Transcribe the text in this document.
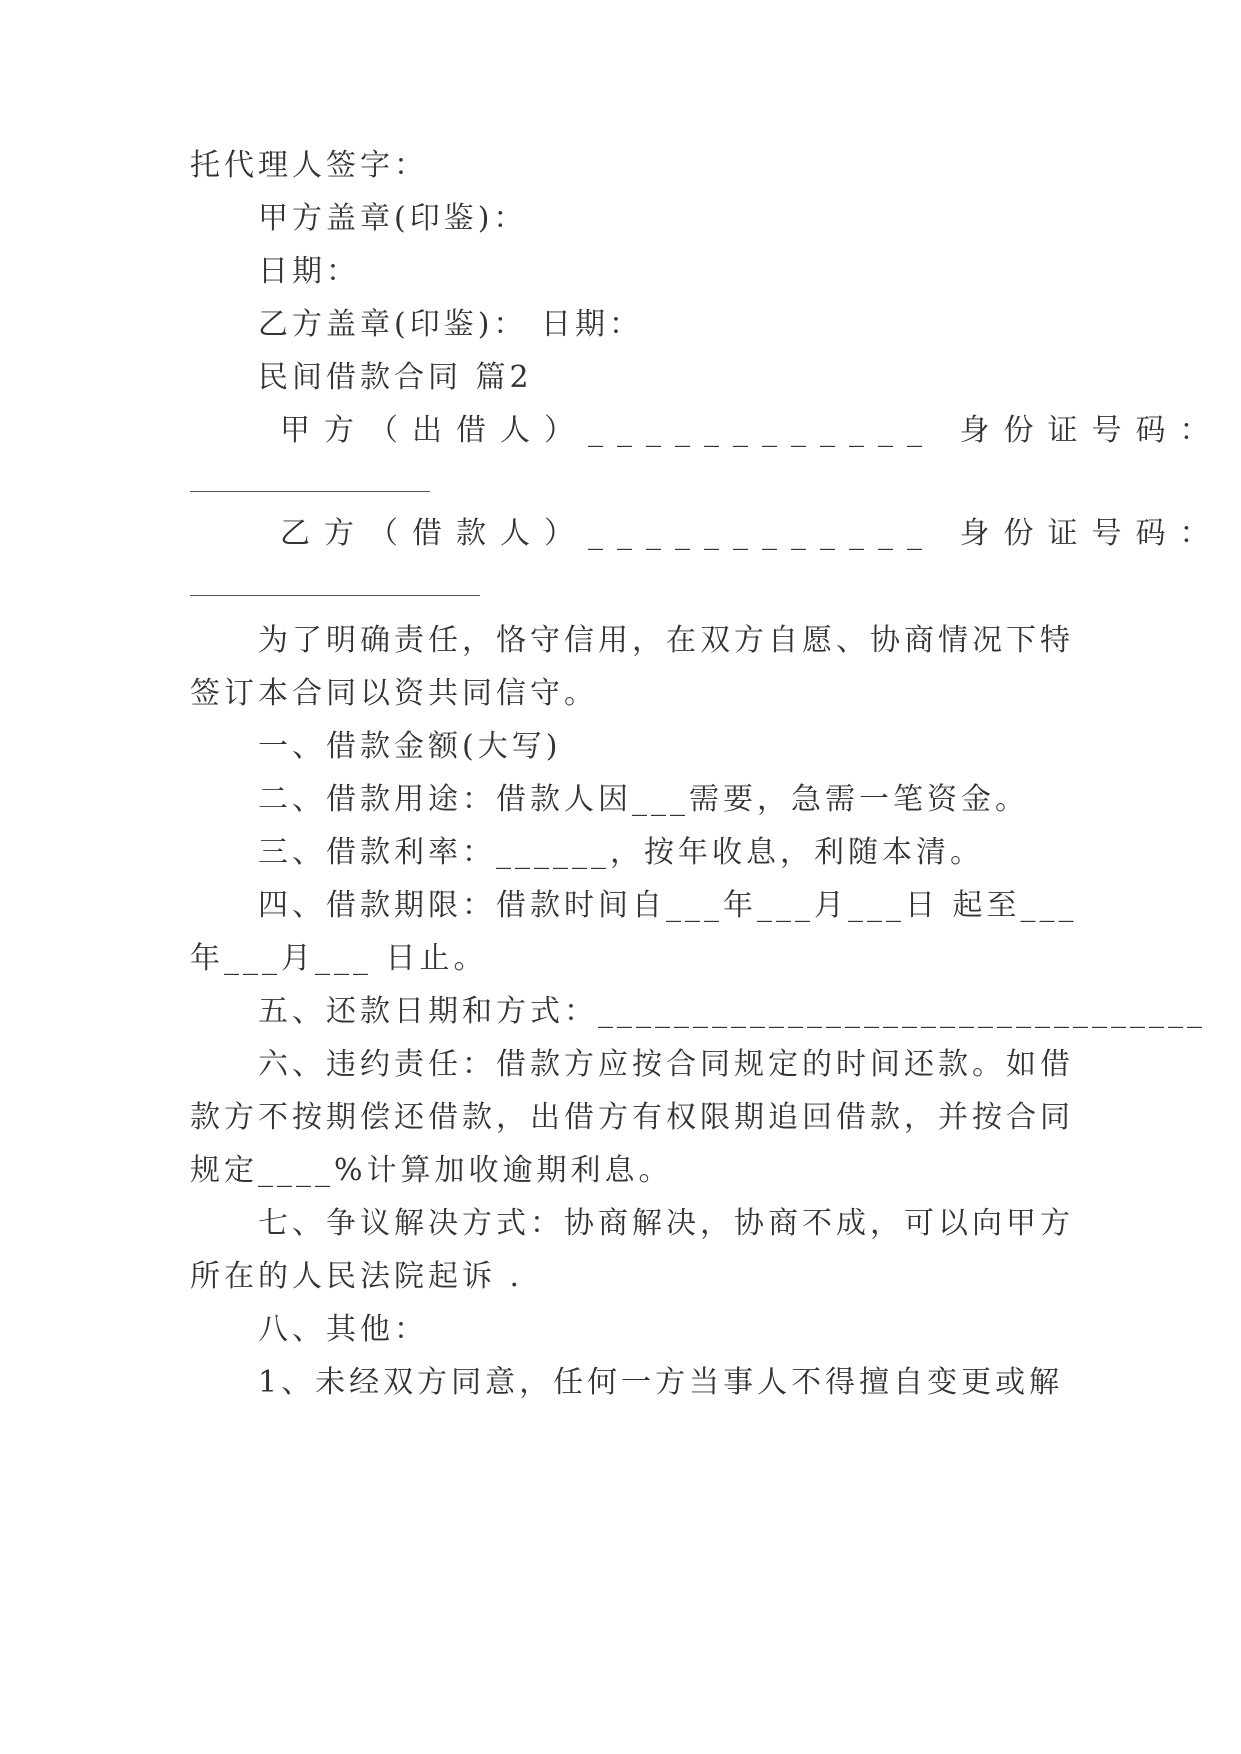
托代理人签字：
甲方盖章(印鉴)：
日期：
乙方盖章(印鉴)： 日期：
民间借款合同 篇2
甲方（出借人）____________ 身份证号码：
乙方（借款人）____________ 身份证号码：
为了明确责任，恪守信用，在双方自愿、协商情况下特
签订本合同以资共同信守。
一、借款金额(大写)
二、借款用途：借款人因___需要，急需一笔资金。
三、借款利率：______，按年收息，利随本清。
四、借款期限：借款时间自___年___月___日 起至___
年___月___ 日止。
五、还款日期和方式：________________________________
六、违约责任：借款方应按合同规定的时间还款。如借
款方不按期偿还借款，出借方有权限期追回借款，并按合同
规定____%计算加收逾期利息。
七、争议解决方式：协商解决，协商不成，可以向甲方
所在的人民法院起诉 .
八、其他：
1、未经双方同意，任何一方当事人不得擅自变更或解
